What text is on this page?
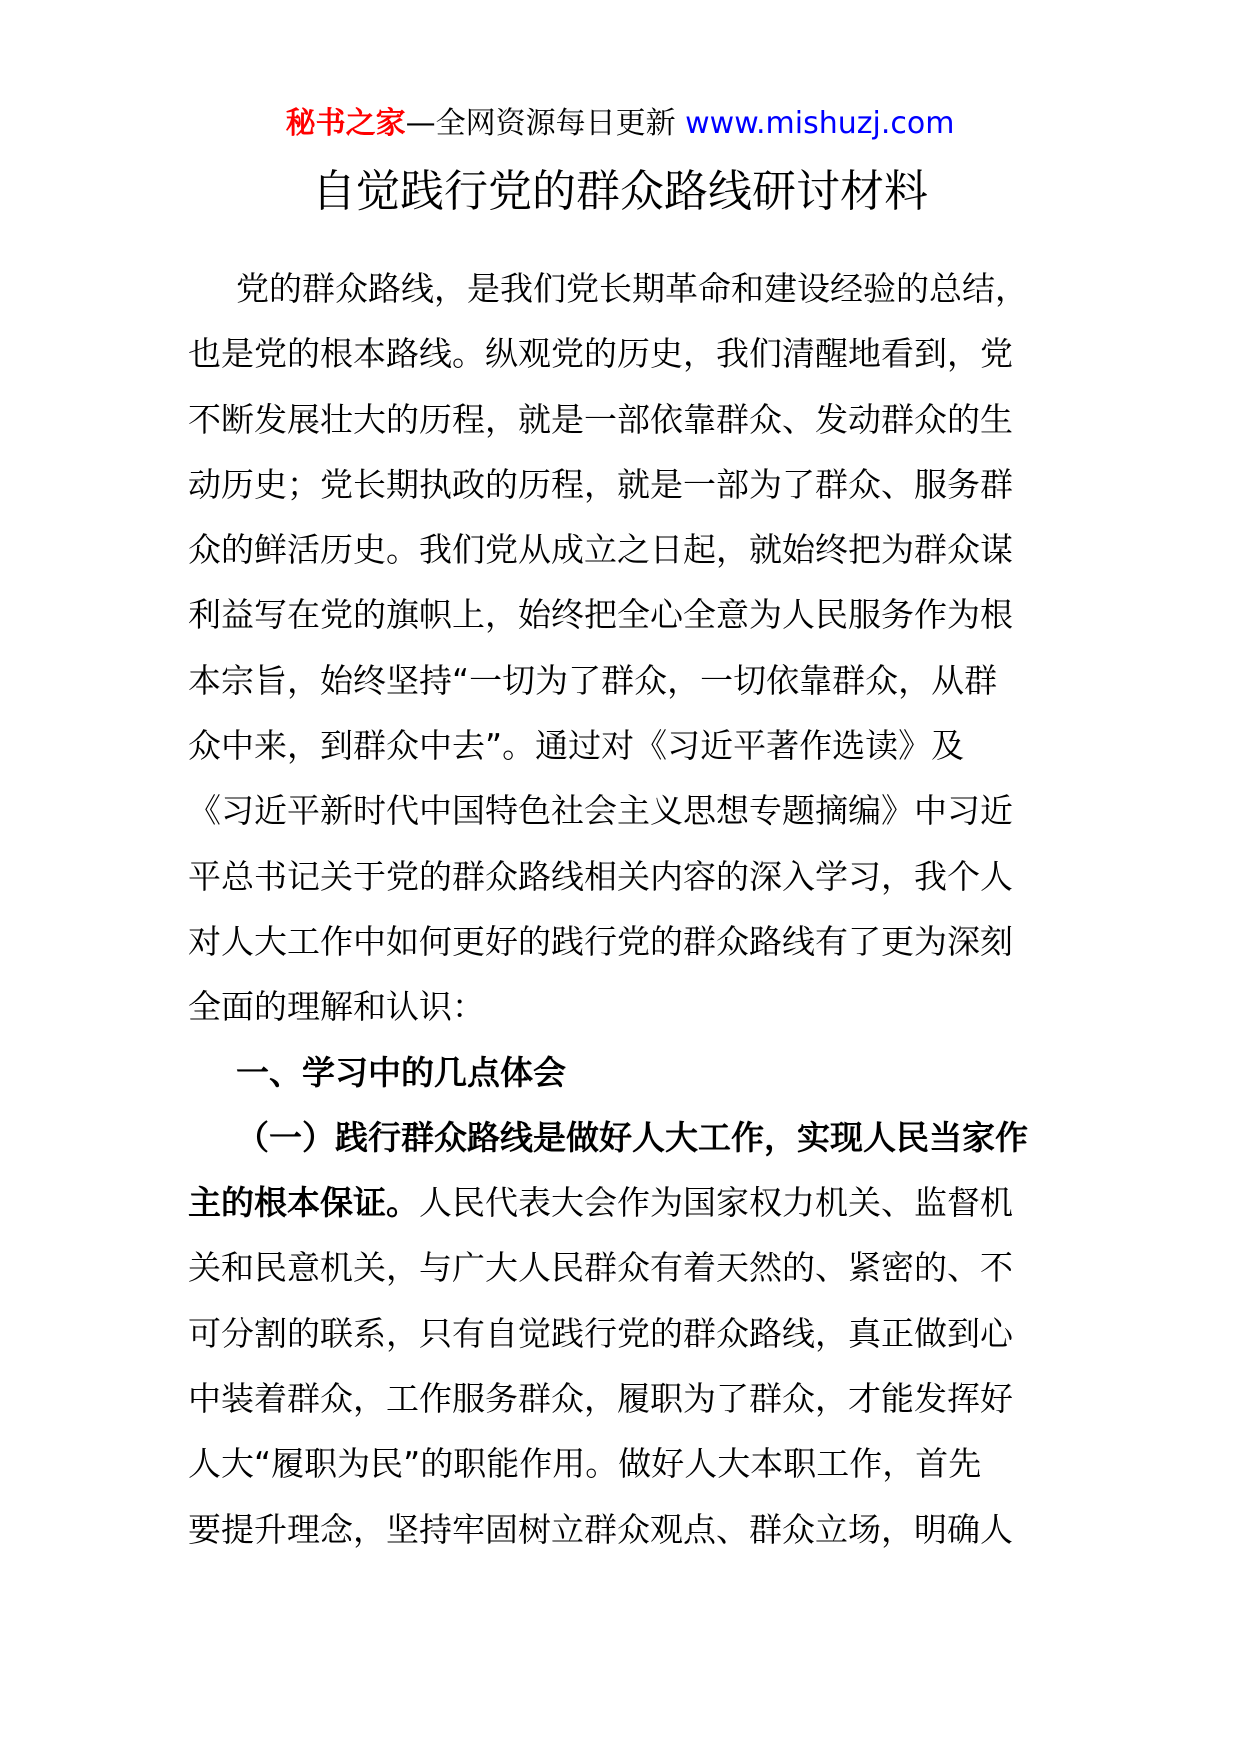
秘书之家—全网资源每日更新 www.mishuzj.com
自觉践行党的群众路线研讨材料
党的群众路线，是我们党长期革命和建设经验的总结，
也是党的根本路线。纵观党的历史，我们清醒地看到，党
不断发展壮大的历程，就是一部依靠群众、发动群众的生
动历史；党长期执政的历程，就是一部为了群众、服务群
众的鲜活历史。我们党从成立之日起，就始终把为群众谋
利益写在党的旗帜上，始终把全心全意为人民服务作为根
本宗旨，始终坚持“一切为了群众，一切依靠群众，从群
众中来，到群众中去”。通过对《习近平著作选读》及
《习近平新时代中国特色社会主义思想专题摘编》中习近
平总书记关于党的群众路线相关内容的深入学习，我个人
对人大工作中如何更好的践行党的群众路线有了更为深刻
全面的理解和认识：
一、学习中的几点体会
（一）践行群众路线是做好人大工作，实现人民当家作
主的根本保证。人民代表大会作为国家权力机关、监督机
关和民意机关，与广大人民群众有着天然的、紧密的、不
可分割的联系，只有自觉践行党的群众路线，真正做到心
中装着群众，工作服务群众，履职为了群众，才能发挥好
人大“履职为民”的职能作用。做好人大本职工作，首先
要提升理念，坚持牢固树立群众观点、群众立场，明确人
